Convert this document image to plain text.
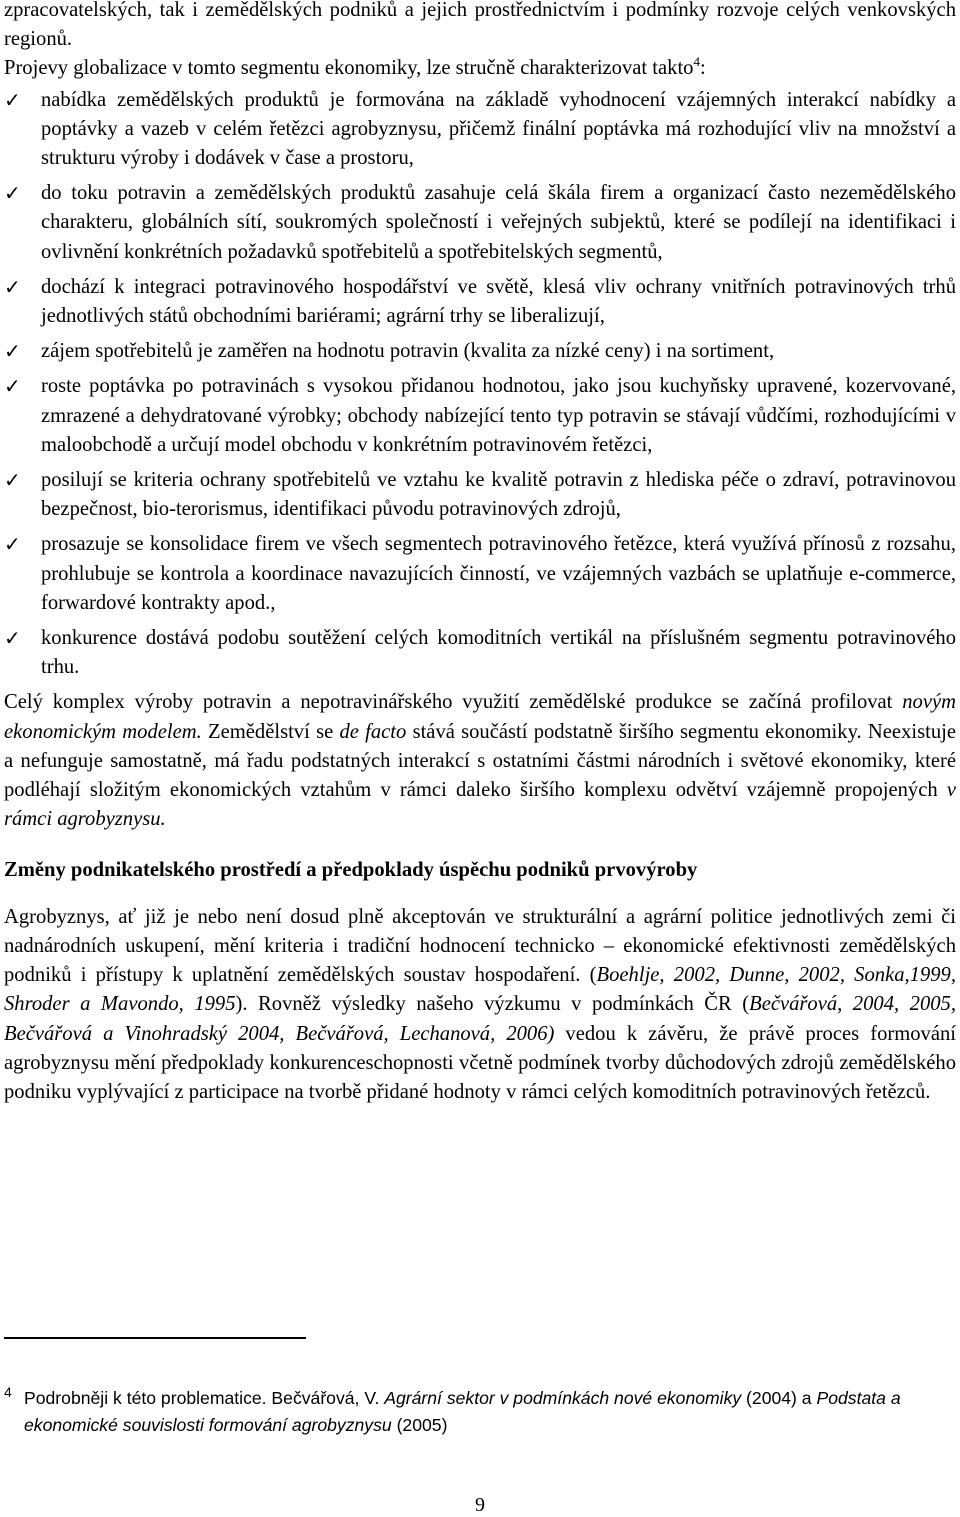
zpracovatelských, tak i zemědělských podniků a jejich prostřednictvím i podmínky rozvoje celých venkovských regionů.
Projevy globalizace v tomto segmentu ekonomiky, lze stručně charakterizovat takto$^4$:

✓ nabídka zemědělských produktů je formována na základě vyhodnocení vzájemných interakcí nabídky a poptávky a vazeb v celém řetězci agrobyznysu, přičemž finální poptávka má rozhodující vliv na množství a strukturu výroby i dodávek v čase a prostoru,
✓ do toku potravin a zemědělských produktů zasahuje celá škála firem a organizací často nezemědělského charakteru, globálních sítí, soukromých společností i veřejných subjektů, které se podílejí na identifikaci i ovlivnění konkrétních požadavků spotřebitelů a spotřebitelských segmentů,
✓ dochází k integraci potravinového hospodářství ve světě, klesá vliv ochrany vnitřních potravinových trhů jednotlivých států obchodními bariérami; agrární trhy se liberalizují,
✓ zájem spotřebitelů je zaměřen na hodnotu potravin (kvalita za nízké ceny) i na sortiment,
✓ roste poptávka po potravinách s vysokou přidanou hodnotou, jako jsou kuchyňsky upravené, kozervované, zmrazené a dehydratované výrobky; obchody nabízející tento typ potravin se stávají vůdčími, rozhodujícími v maloobchodě a určují model obchodu v konkrétním potravinovém řetězci,
✓ posilují se kriteria ochrany spotřebitelů ve vztahu ke kvalitě potravin z hlediska péče o zdraví, potravinovou bezpečnost, bio-terorismus, identifikaci původu potravinových zdrojů,
✓ prosazuje se konsolidace firem ve všech segmentech potravinového řetězce, která využívá přínosů z rozsahu, prohlubuje se kontrola a koordinace navazujících činností, ve vzájemných vazbách se uplatňuje e-commerce, forwardové kontrakty apod.,
✓ konkurence dostává podobu soutěžení celých komoditních vertikál na příslušném segmentu potravinového trhu.

Celý komplex výroby potravin a nepotravinářského využití zemědělské produkce se začíná profilovat novým ekonomickým modelem. Zemědělství se de facto stává součástí podstatně širšího segmentu ekonomiky. Neexistuje a nefunguje samostatně, má řadu podstatných interakcí s ostatními částmi národních i světové ekonomiky, které podléhají složitým ekonomických vztahům v rámci daleko širšího komplexu odvětví vzájemně propojených v rámci agrobyznysu.

Změny podnikatelského prostředí a předpoklady úspěchu podniků prvovýroby

Agrobyznys, ať již je nebo není dosud plně akceptován ve strukturální a agrární politice jednotlivých zemi či nadnárodních uskupení, mění kriteria i tradiční hodnocení technicko – ekonomické efektivnosti zemědělských podniků i přístupy k uplatnění zemědělských soustav hospodaření. (Boehlje, 2002, Dunne, 2002, Sonka,1999, Shroder a Mavondo, 1995). Rovněž výsledky našeho výzkumu v podmínkách ČR (Bečvářová, 2004, 2005, Bečvářová a Vinohradský 2004, Bečvářová, Lechanová, 2006) vedou k závěru, že právě proces formování agrobyznysu mění předpoklady konkurenceschopnosti včetně podmínek tvorby důchodových zdrojů zemědělského podniku vyplývající z participace na tvorbě přidané hodnoty v rámci celých komoditních potravinových řetězců.

4 Podrobněji k této problematice. Bečvářová, V. Agrární sektor v podmínkách nové ekonomiky (2004) a Podstata a ekonomické souvislosti formování agrobyznysu (2005)
9
